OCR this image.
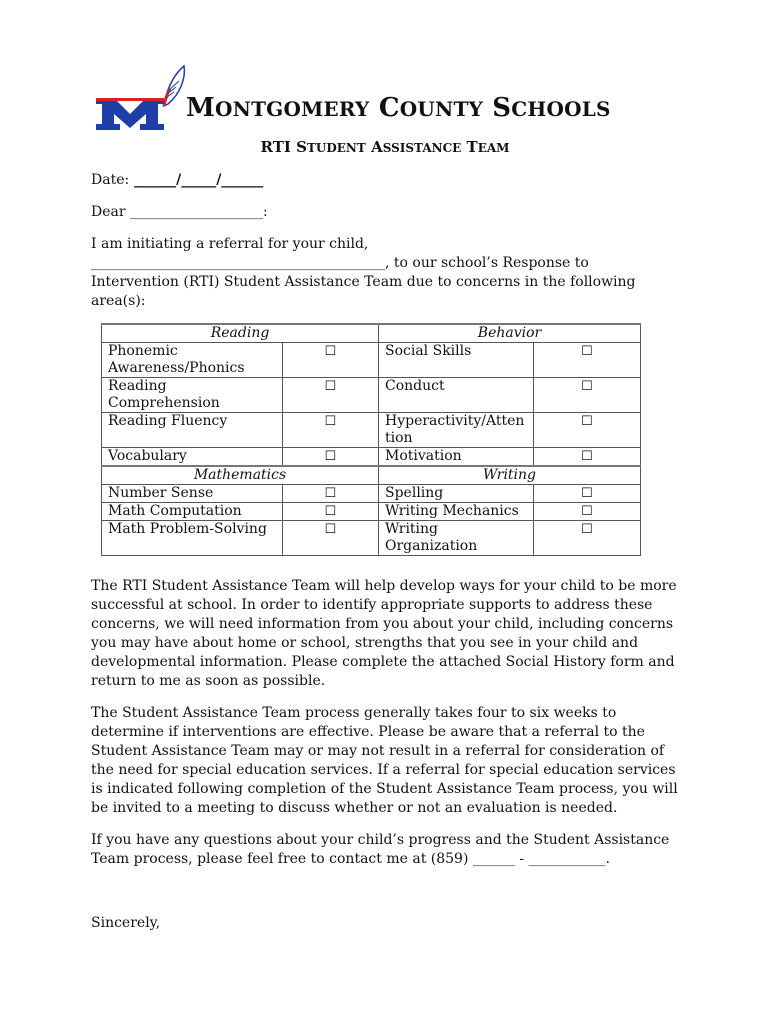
MONTGOMERY COUNTY SCHOOLS
RTI STUDENT ASSISTANCE TEAM
Date: ______/_____/______
Dear ___________________:
I am initiating a referral for your child,
__________________________________________, to our school’s Response to
Intervention (RTI) Student Assistance Team due to concerns in the following
area(s):
Reading		Behavior	
Phonemic Awareness/Phonics	☐	Social Skills	☐
Reading Comprehension	☐	Conduct	☐
Reading Fluency	☐	Hyperactivity/Atten tion	☐
Vocabulary	☐	Motivation	☐
Mathematics		Writing	
Number Sense	☐	Spelling	☐
Math Computation	☐	Writing Mechanics	☐
Math Problem-Solving	☐	Writing Organization	☐
The RTI Student Assistance Team will help develop ways for your child to be more
successful at school. In order to identify appropriate supports to address these
concerns, we will need information from you about your child, including concerns
you may have about home or school, strengths that you see in your child and
developmental information. Please complete the attached Social History form and
return to me as soon as possible.
The Student Assistance Team process generally takes four to six weeks to
determine if interventions are effective. Please be aware that a referral to the
Student Assistance Team may or may not result in a referral for consideration of
the need for special education services. If a referral for special education services
is indicated following completion of the Student Assistance Team process, you will
be invited to a meeting to discuss whether or not an evaluation is needed.
If you have any questions about your child’s progress and the Student Assistance
Team process, please feel free to contact me at (859) ______ - ___________.
Sincerely,
